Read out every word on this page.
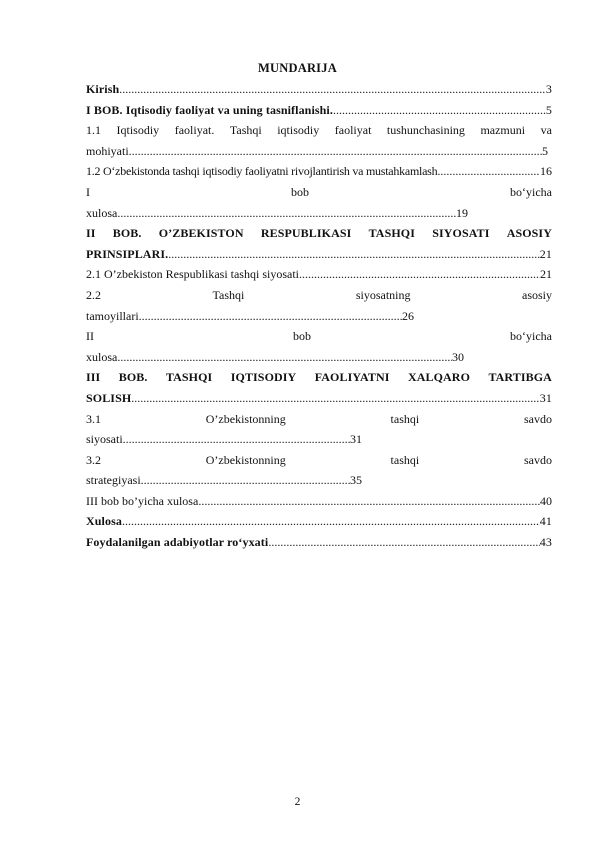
MUNDARIJA
Kirish .....	3
I BOB. Iqtisodiy faoliyat va uning tasniflanishi. .....	5
1.1 Iqtisodiy faoliyat. Tashqi iqtisodiy faoliyat tushunchasining mazmuni va
mohiyati .....	5
1.2 O‘zbekistonda tashqi iqtisodiy faoliyatni rivojlantirish va mustahkamlash .....	16
I	bob	bo‘yicha
xulosa .....	19
II BOB. O’ZBEKISTON RESPUBLIKASI TASHQI SIYOSATI ASOSIY
PRINSIPLARI. .....	21
2.1 O’zbekiston Respublikasi tashqi siyosati .....	21
2.2	Tashqi	siyosatning	asosiy
tamoyillari .....	26
II	bob	bo‘yicha
xulosa .....	30
III BOB. TASHQI IQTISODIY FAOLIYATNI XALQARO TARTIBGA
SOLISH .....	31
3.1	O’zbekistonning	tashqi	savdo
siyosati .....	31
3.2	O’zbekistonning	tashqi	savdo
strategiyasi .....	35
III bob bo’yicha xulosa .....	40
Xulosa .....	41
Foydalanilgan adabiyotlar ro‘yxati .....	43
2
